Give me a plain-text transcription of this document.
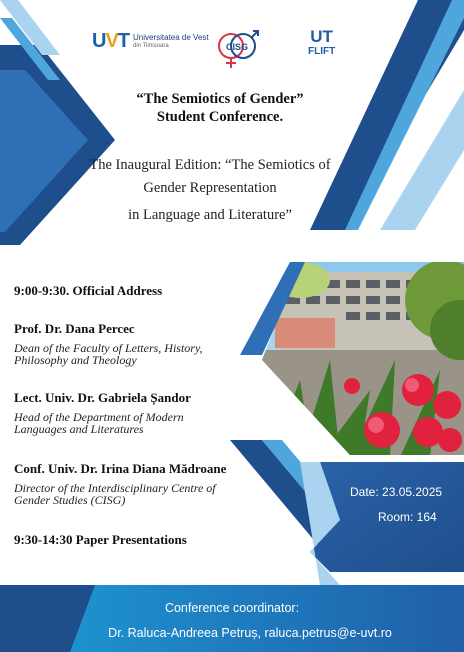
UVT Universitatea de Vest
din Timișoara	CISG
UT
FLIFT
“The Semiotics of Gender”
Student Conference.
The Inaugural Edition: “The Semiotics of
Gender Representation
in Language and Literature”
9:00-9:30. Official Address
Prof. Dr. Dana Percec
Dean of the Faculty of Letters, History,
Philosophy and Theology
Lect. Univ. Dr. Gabriela Șandor
Head of the Department of Modern
Languages and Literatures
Conf. Univ. Dr. Irina Diana Mădroane
Director of the Interdisciplinary Centre of
Gender Studies (CISG)
9:30-14:30 Paper Presentations
Date: 23.05.2025
Room: 164
Conference coordinator:
Dr. Raluca-Andreea Petruș, raluca.petrus@e-uvt.ro
